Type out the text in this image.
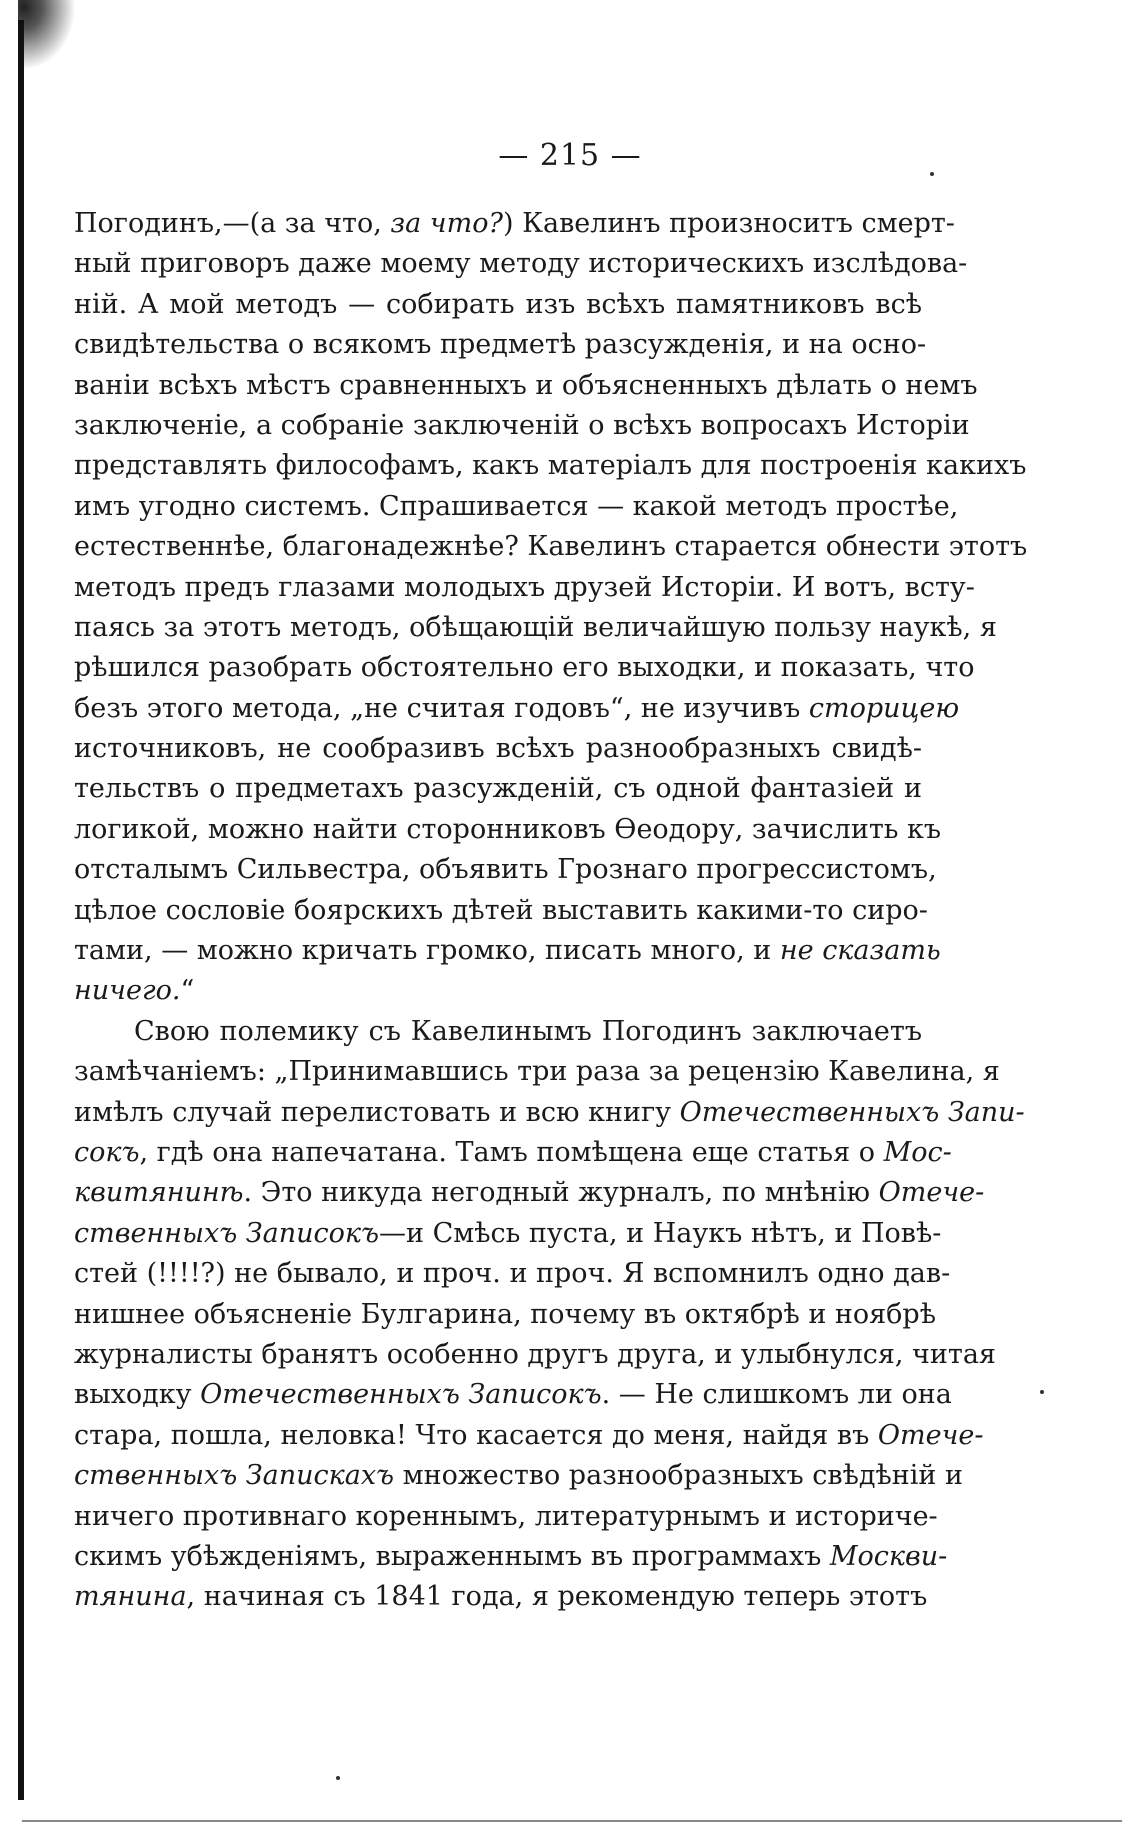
— 215 —
Погодинъ,—(а за что, за что?) Кавелинъ произноситъ смерт-
ный приговоръ даже моему методу историческихъ изслѣдова-
ній. А мой методъ — собирать изъ всѣхъ памятниковъ всѣ
свидѣтельства о всякомъ предметѣ разсужденія, и на осно-
ваніи всѣхъ мѣстъ сравненныхъ и объясненныхъ дѣлать о немъ
заключеніе, а собраніе заключеній о всѣхъ вопросахъ Исторіи
представлять философамъ, какъ матеріалъ для построенія какихъ
имъ угодно системъ. Спрашивается — какой методъ простѣе,
естественнѣе, благонадежнѣе? Кавелинъ старается обнести этотъ
методъ предъ глазами молодыхъ друзей Исторіи. И вотъ, всту-
паясь за этотъ методъ, обѣщающій величайшую пользу наукѣ, я
рѣшился разобрать обстоятельно его выходки, и показать, что
безъ этого метода, „не считая годовъ“, не изучивъ сторицею
источниковъ, не сообразивъ всѣхъ разнообразныхъ свидѣ-
тельствъ о предметахъ разсужденій, съ одной фантазіей и
логикой, можно найти сторонниковъ Өеодору, зачислить къ
отсталымъ Сильвестра, объявить Грознаго прогрессистомъ,
цѣлое сословіе боярскихъ дѣтей выставить какими-то сиро-
тами, — можно кричать громко, писать много, и не сказать
ничего.“
Свою полемику съ Кавелинымъ Погодинъ заключаетъ
замѣчаніемъ: „Принимавшись три раза за рецензію Кавелина, я
имѣлъ случай перелистовать и всю книгу Отечественныхъ Запи-
сокъ, гдѣ она напечатана. Тамъ помѣщена еще статья о Мос-
квитянинѣ. Это никуда негодный журналъ, по мнѣнію Отече-
ственныхъ Записокъ—и Смѣсь пуста, и Наукъ нѣтъ, и Повѣ-
стей (!!!!?) не бывало, и проч. и проч. Я вспомнилъ одно дав-
нишнее объясненіе Булгарина, почему въ октябрѣ и ноябрѣ
журналисты бранятъ особенно другъ друга, и улыбнулся, читая
выходку Отечественныхъ Записокъ. — Не слишкомъ ли она
стара, пошла, неловка! Что касается до меня, найдя въ Отече-
ственныхъ Запискахъ множество разнообразныхъ свѣдѣній и
ничего противнаго кореннымъ, литературнымъ и историче-
скимъ убѣжденіямъ, выраженнымъ въ программахъ Москви-
тянина, начиная съ 1841 года, я рекомендую теперь этотъ
